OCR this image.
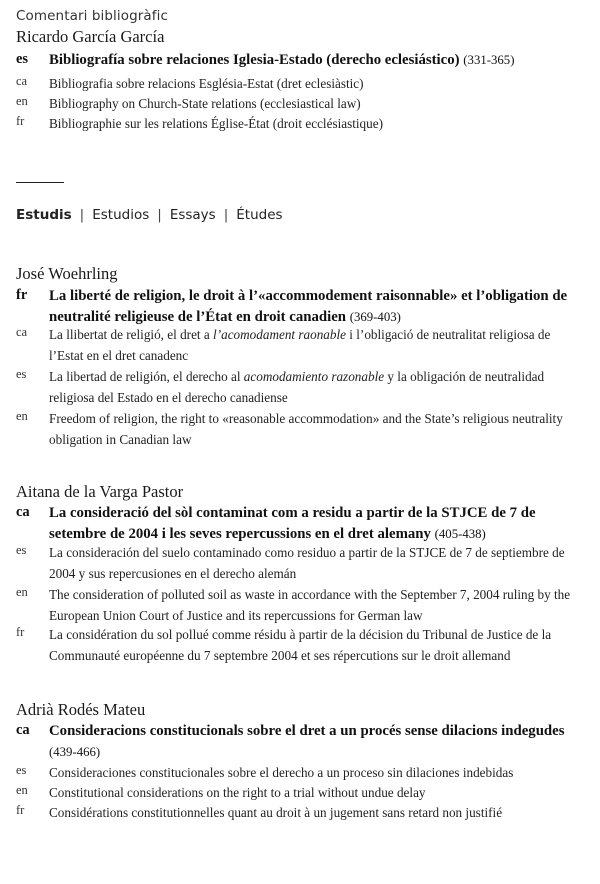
Comentari bibliogràfic
Ricardo García García
es	Bibliografía sobre relaciones Iglesia-Estado (derecho eclesiástico) (331-365)
ca	Bibliografia sobre relacions Església-Estat (dret eclesiàstic)
en	Bibliography on Church-State relations (ecclesiastical law)
fr	Bibliographie sur les relations Église-État (droit ecclésiastique)
Estudis | Estudios | Essays | Études
José Woehrling
fr	La liberté de religion, le droit à l’«accommodement raisonnable» et l’obligation de neutralité religieuse de l’État en droit canadien (369-403)
ca	La llibertat de religió, el dret a l’acomodament raonable i l’obligació de neutralitat religiosa de l’Estat en el dret canadenc
es	La libertad de religión, el derecho al acomodamiento razonable y la obligación de neutralidad religiosa del Estado en el derecho canadiense
en	Freedom of religion, the right to «reasonable accommodation» and the State’s religious neutrality obligation in Canadian law
Aitana de la Varga Pastor
ca	La consideració del sòl contaminat com a residu a partir de la STJCE de 7 de setembre de 2004 i les seves repercussions en el dret alemany (405-438)
es	La consideración del suelo contaminado como residuo a partir de la STJCE de 7 de septiembre de 2004 y sus repercusiones en el derecho alemán
en	The consideration of polluted soil as waste in accordance with the September 7, 2004 ruling by the European Union Court of Justice and its repercussions for German law
fr	La considération du sol pollué comme résidu à partir de la décision du Tribunal de Justice de la Communauté européenne du 7 septembre 2004 et ses répercutions sur le droit allemand
Adrià Rodés Mateu
ca	Consideracions constitucionals sobre el dret a un procés sense dilacions indegudes (439-466)
es	Consideraciones constitucionales sobre el derecho a un proceso sin dilaciones indebidas
en	Constitutional considerations on the right to a trial without undue delay
fr	Considérations constitutionnelles quant au droit à un jugement sans retard non justifié
